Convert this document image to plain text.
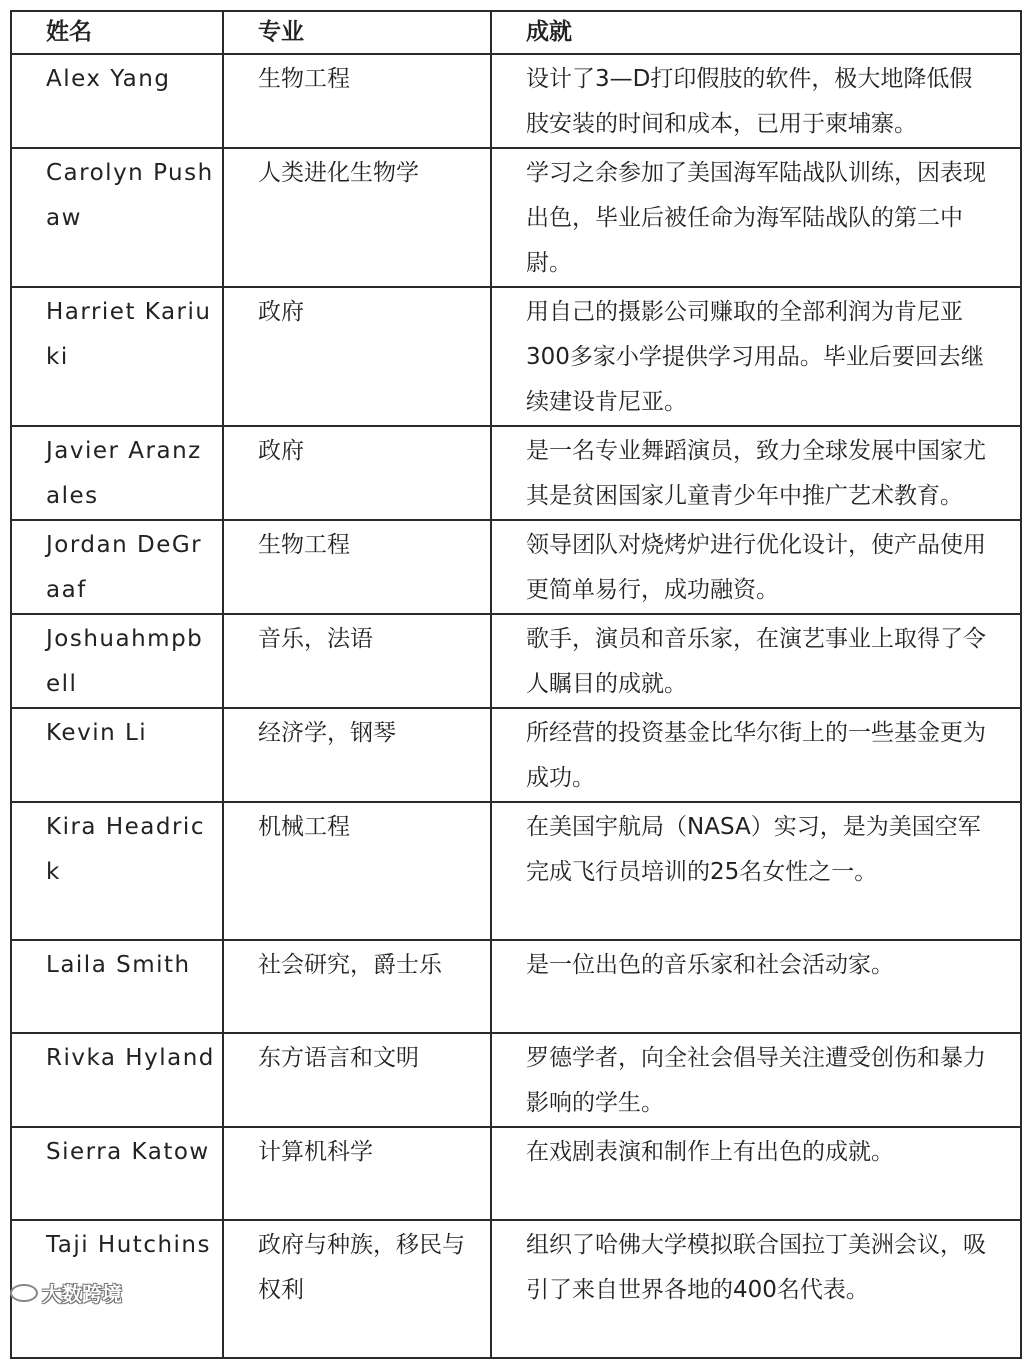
姓名	专业	成就
Alex Yang	生物工程	设计了3—D打印假肢的软件，极大地降低假肢安装的时间和成本，已用于柬埔寨。
Carolyn Pushaw	人类进化生物学	学习之余参加了美国海军陆战队训练，因表现出色，毕业后被任命为海军陆战队的第二中尉。
Harriet Kariuki	政府	用自己的摄影公司赚取的全部利润为肯尼亚300多家小学提供学习用品。毕业后要回去继续建设肯尼亚。
Javier Aranzales	政府	是一名专业舞蹈演员，致力全球发展中国家尤其是贫困国家儿童青少年中推广艺术教育。
Jordan DeGraaf	生物工程	领导团队对烧烤炉进行优化设计，使产品使用更简单易行，成功融资。
Joshuahmpbell	音乐，法语	歌手，演员和音乐家，在演艺事业上取得了令人瞩目的成就。
Kevin Li	经济学，钢琴	所经营的投资基金比华尔街上的一些基金更为成功。
Kira Headrick	机械工程	在美国宇航局（NASA）实习，是为美国空军完成飞行员培训的25名女性之一。
Laila Smith	社会研究，爵士乐	是一位出色的音乐家和社会活动家。
Rivka Hyland	东方语言和文明	罗德学者，向全社会倡导关注遭受创伤和暴力影响的学生。
Sierra Katow	计算机科学	在戏剧表演和制作上有出色的成就。
Taji Hutchins	政府与种族，移民与权利	组织了哈佛大学模拟联合国拉丁美洲会议，吸引了来自世界各地的400名代表。
大数跨境
